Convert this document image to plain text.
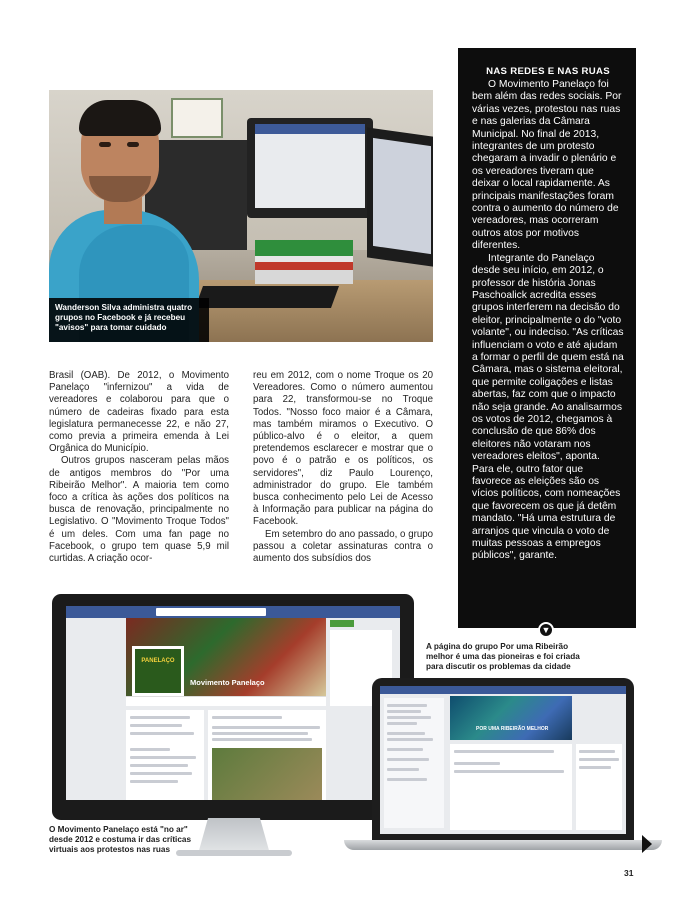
Wanderson Silva administra quatro grupos no Facebook e já recebeu "avisos" para tomar cuidado

Brasil (OAB). De 2012, o Movimento Panelaço "infernizou" a vida de vereadores e colaborou para que o número de cadeiras fixado para esta legislatura permanecesse 22, e não 27, como previa a primeira emenda à Lei Orgânica do Município.

Outros grupos nasceram pelas mãos de antigos membros do "Por uma Ribeirão Melhor". A maioria tem como foco a crítica às ações dos políticos na busca de renovação, principalmente no Legislativo. O "Movimento Troque Todos" é um deles. Com uma fan page no Facebook, o grupo tem quase 5,9 mil curtidas. A criação ocor-

reu em 2012, com o nome Troque os 20 Vereadores. Como o número aumentou para 22, transformou-se no Troque Todos. "Nosso foco maior é a Câmara, mas também miramos o Executivo. O público-alvo é o eleitor, a quem pretendemos esclarecer e mostrar que o povo é o patrão e os políticos, os servidores", diz Paulo Lourenço, administrador do grupo. Ele também busca conhecimento pelo Lei de Acesso à Informação para publicar na página do Facebook.

Em setembro do ano passado, o grupo passou a coletar assinaturas contra o aumento dos subsídios dos

NAS REDES E NAS RUAS

O Movimento Panelaço foi bem além das redes sociais. Por várias vezes, protestou nas ruas e nas galerias da Câmara Municipal. No final de 2013, integrantes de um protesto chegaram a invadir o plenário e os vereadores tiveram que deixar o local rapidamente. As principais manifestações foram contra o aumento do número de vereadores, mas ocorreram outros atos por motivos diferentes.

Integrante do Panelaço desde seu início, em 2012, o professor de história Jonas Paschoalick acredita esses grupos interferem na decisão do eleitor, principalmente o do "voto volante", ou indeciso. "As críticas influenciam o voto e até ajudam a formar o perfil de quem está na Câmara, mas o sistema eleitoral, que permite coligações e listas abertas, faz com que o impacto não seja grande. Ao analisarmos os votos de 2012, chegamos à conclusão de que 86% dos eleitores não votaram nos vereadores eleitos", aponta. Para ele, outro fator que favorece as eleições são os vícios políticos, com nomeações que favorecem os que já detêm mandato. "Há uma estrutura de arranjos que vincula o voto de muitas pessoas a empregos públicos", garante.

▼
A página do grupo Por uma Ribeirão melhor é uma das pioneiras e foi criada para discutir os problemas da cidade
PANELAÇO
Movimento Panelaço
POR UMA RIBEIRÃO MELHOR
O Movimento Panelaço está "no ar" desde 2012 e costuma ir das críticas virtuais aos protestos nas ruas
31
